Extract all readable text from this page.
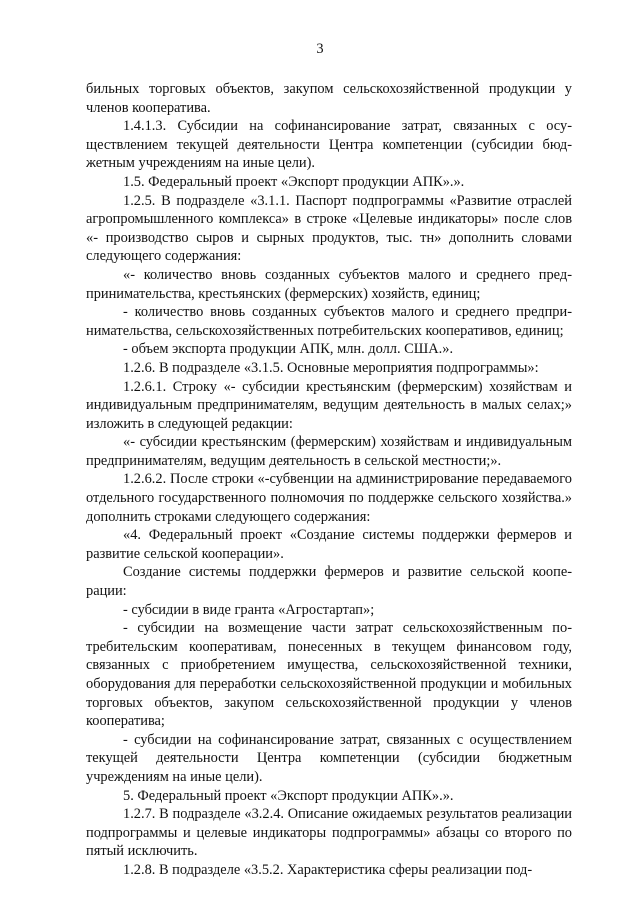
3

бильных торговых объектов, закупом сельскохозяйственной продукции у членов кооператива.

1.4.1.3. Субсидии на софинансирование затрат, связанных с осуществлением текущей деятельности Центра компетенции (субсидии бюджетным учреждениям на иные цели).

1.5. Федеральный проект «Экспорт продукции АПК».».

1.2.5. В подразделе «3.1.1. Паспорт подпрограммы «Развитие отраслей агропромышленного комплекса» в строке «Целевые индикаторы» после слов «- производство сыров и сырных продуктов, тыс. тн» дополнить словами следующего содержания:

«- количество вновь созданных субъектов малого и среднего предпринимательства, крестьянских (фермерских) хозяйств, единиц;

- количество вновь созданных субъектов малого и среднего предпринимательства, сельскохозяйственных потребительских кооперативов, единиц;

- объем экспорта продукции АПК, млн. долл. США.».

1.2.6. В подразделе «3.1.5. Основные мероприятия подпрограммы»:

1.2.6.1. Строку «- субсидии крестьянским (фермерским) хозяйствам и индивидуальным предпринимателям, ведущим деятельность в малых селах;» изложить в следующей редакции:

«- субсидии крестьянским (фермерским) хозяйствам и индивидуальным предпринимателям, ведущим деятельность в сельской местности;».

1.2.6.2. После строки «-субвенции на администрирование передаваемого отдельного государственного полномочия по поддержке сельского хозяйства.» дополнить строками следующего содержания:

«4. Федеральный проект «Создание системы поддержки фермеров и развитие сельской кооперации».

Создание системы поддержки фермеров и развитие сельской кооперации:

- субсидии в виде гранта «Агростартап»;

- субсидии на возмещение части затрат сельскохозяйственным потребительским кооперативам, понесенных в текущем финансовом году, связанных с приобретением имущества, сельскохозяйственной техники, оборудования для переработки сельскохозяйственной продукции и мобильных торговых объектов, закупом сельскохозяйственной продукции у членов кооператива;

- субсидии на софинансирование затрат, связанных с осуществлением текущей деятельности Центра компетенции (субсидии бюджетным учреждениям на иные цели).

5. Федеральный проект «Экспорт продукции АПК».».

1.2.7. В подразделе «3.2.4. Описание ожидаемых результатов реализации подпрограммы и целевые индикаторы подпрограммы» абзацы со второго по пятый исключить.

1.2.8. В подразделе «3.5.2. Характеристика сферы реализации под-
